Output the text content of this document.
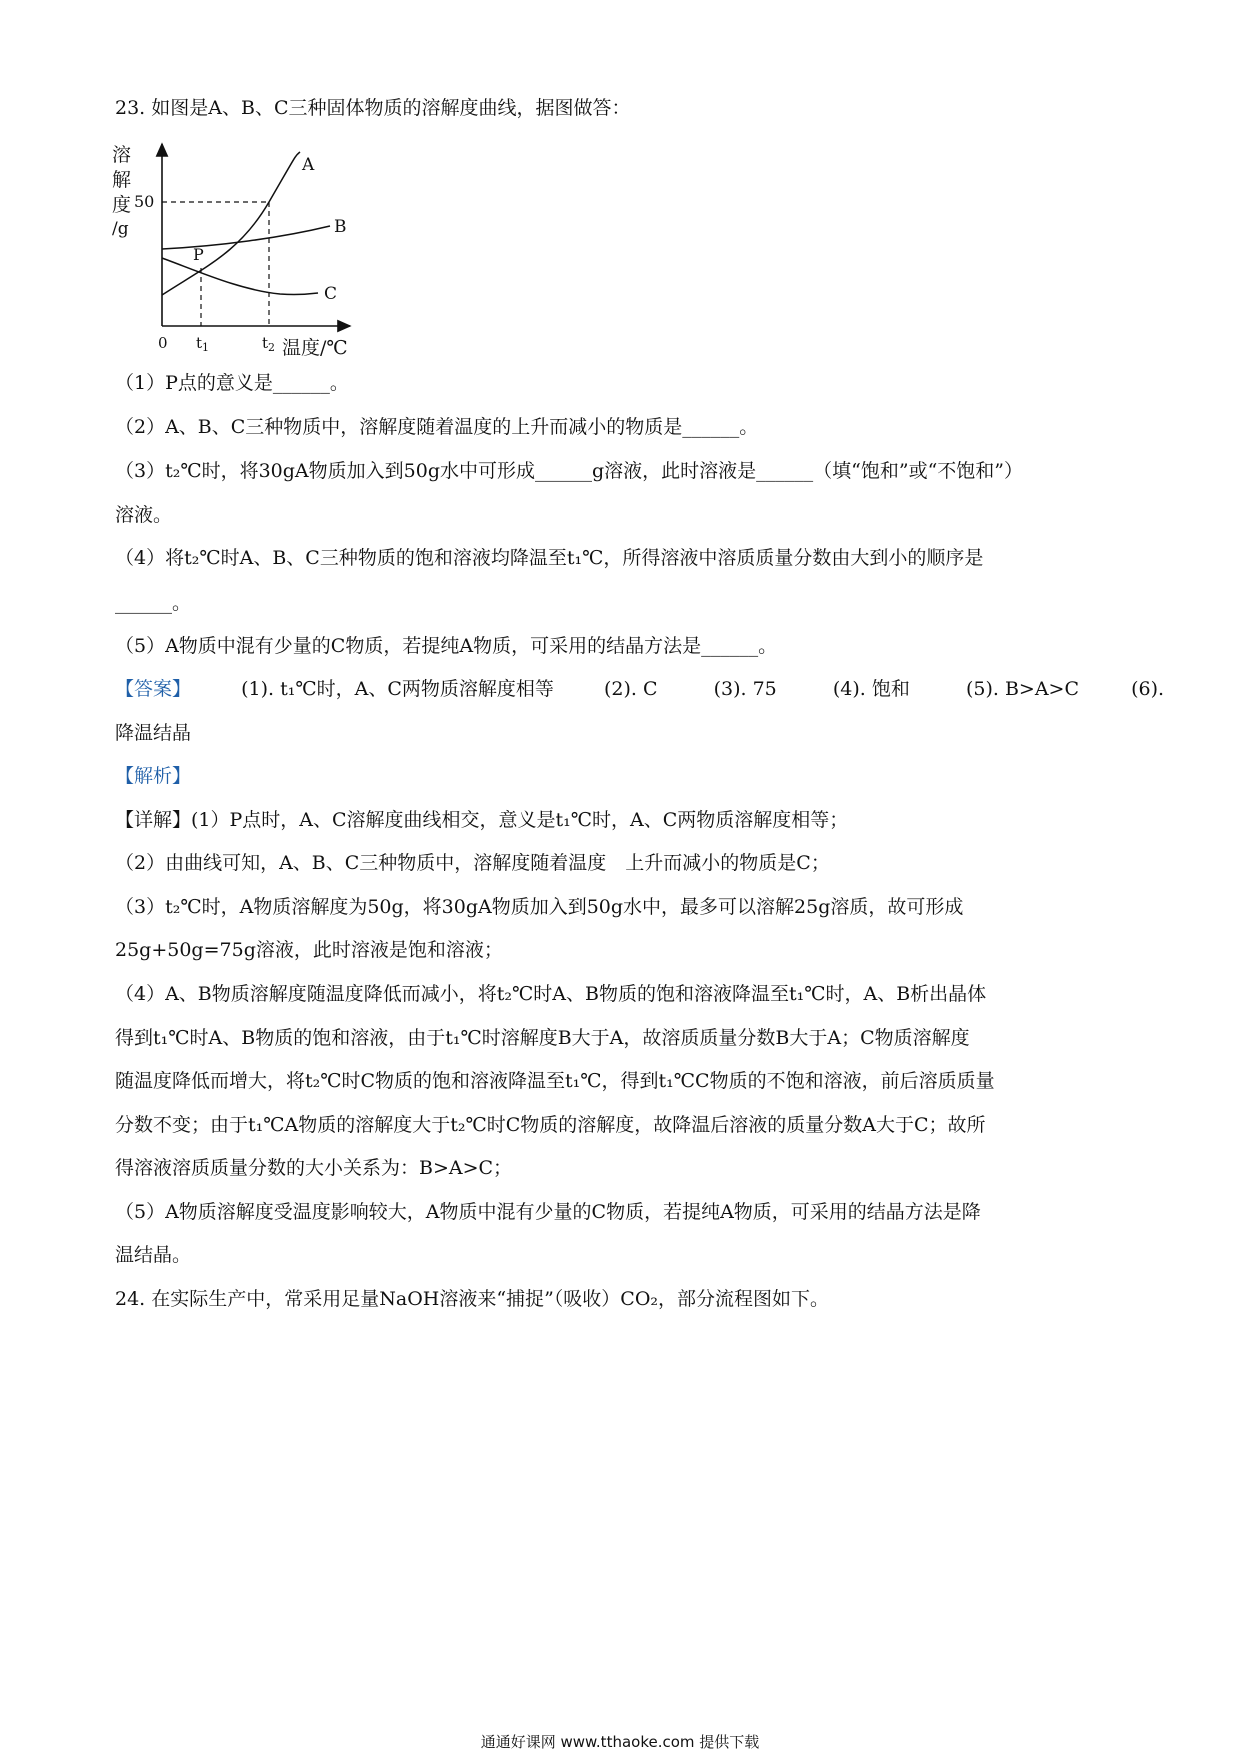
23. 如图是A、B、C三种固体物质的溶解度曲线，据图做答：
溶
解
度
/g
50
A
B
C
P
0 $t_1$	$t_2$ 温度/℃
（1）P点的意义是______。
（2）A、B、C三种物质中，溶解度随着温度的上升而减小的物质是______。
（3）t₂℃时，将30gA物质加入到50g水中可形成______g溶液，此时溶液是______（填“饱和”或“不饱和”）
溶液。
（4）将t₂℃时A、B、C三种物质的饱和溶液均降温至t₁℃，所得溶液中溶质质量分数由大到小的顺序是
______。
（5）A物质中混有少量的C物质，若提纯A物质，可采用的结晶方法是______。
【答案】	(1). t₁℃时，A、C两物质溶解度相等	(2). C	(3). 75	(4). 饱和	(5). B>A>C	(6).
降温结晶
【解析】
【详解】(1）P点时，A、C溶解度曲线相交，意义是t₁℃时，A、C两物质溶解度相等；
（2）由曲线可知，A、B、C三种物质中，溶解度随着温度　上升而减小的物质是C；
（3）t₂℃时，A物质溶解度为50g，将30gA物质加入到50g水中，最多可以溶解25g溶质，故可形成
25g+50g=75g溶液，此时溶液是饱和溶液；
（4）A、B物质溶解度随温度降低而减小，将t₂℃时A、B物质的饱和溶液降温至t₁℃时，A、B析出晶体
得到t₁℃时A、B物质的饱和溶液，由于t₁℃时溶解度B大于A，故溶质质量分数B大于A；C物质溶解度
随温度降低而增大，将t₂℃时C物质的饱和溶液降温至t₁℃，得到t₁℃C物质的不饱和溶液，前后溶质质量
分数不变；由于t₁℃A物质的溶解度大于t₂℃时C物质的溶解度，故降温后溶液的质量分数A大于C；故所
得溶液溶质质量分数的大小关系为：B>A>C；
（5）A物质溶解度受温度影响较大，A物质中混有少量的C物质，若提纯A物质，可采用的结晶方法是降
温结晶。
24. 在实际生产中，常采用足量NaOH溶液来“捕捉”（吸收）CO₂，部分流程图如下。
通通好课网 www.tthaoke.com 提供下载
